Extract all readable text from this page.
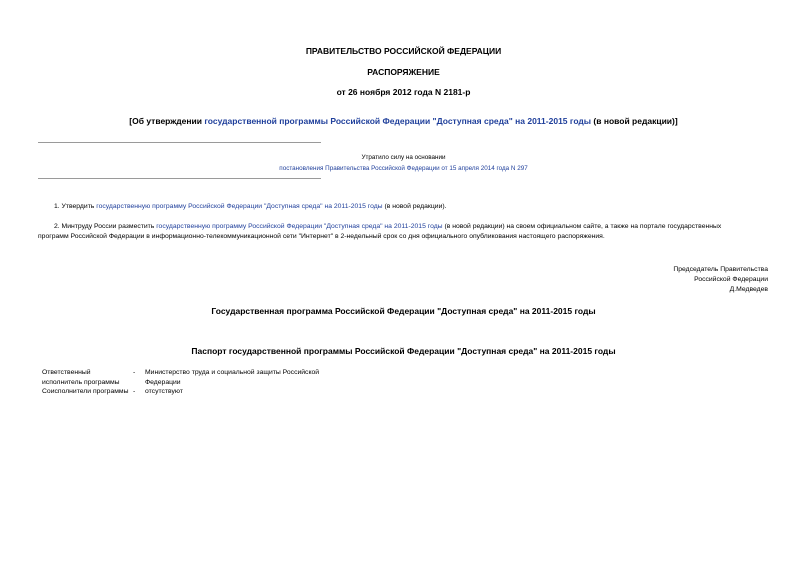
ПРАВИТЕЛЬСТВО РОССИЙСКОЙ ФЕДЕРАЦИИ
РАСПОРЯЖЕНИЕ
от 26 ноября 2012 года N 2181-р
[Об утверждении государственной программы Российской Федерации "Доступная среда" на 2011-2015 годы (в новой редакции)]
Утратило силу на основании
постановления Правительства Российской Федерации от 15 апреля 2014 года N 297
1. Утвердить государственную программу Российской Федерации "Доступная среда" на 2011-2015 годы (в новой редакции).
2. Минтруду России разместить государственную программу Российской Федерации "Доступная среда" на 2011-2015 годы (в новой редакции) на своем официальном сайте, а также на портале государственных
программ Российской Федерации в информационно-телекоммуникационной сети "Интернет" в 2-недельный срок со дня официального опубликования настоящего распоряжения.
Председатель Правительства
Российской Федерации
Д.Медведев
Государственная программа Российской Федерации "Доступная среда" на 2011-2015 годы
Паспорт государственной программы Российской Федерации "Доступная среда" на 2011-2015 годы
Ответственный
исполнитель программы
- Министерство труда и социальной защиты Российской
Федерации
Соисполнители программы - отсутствуют
